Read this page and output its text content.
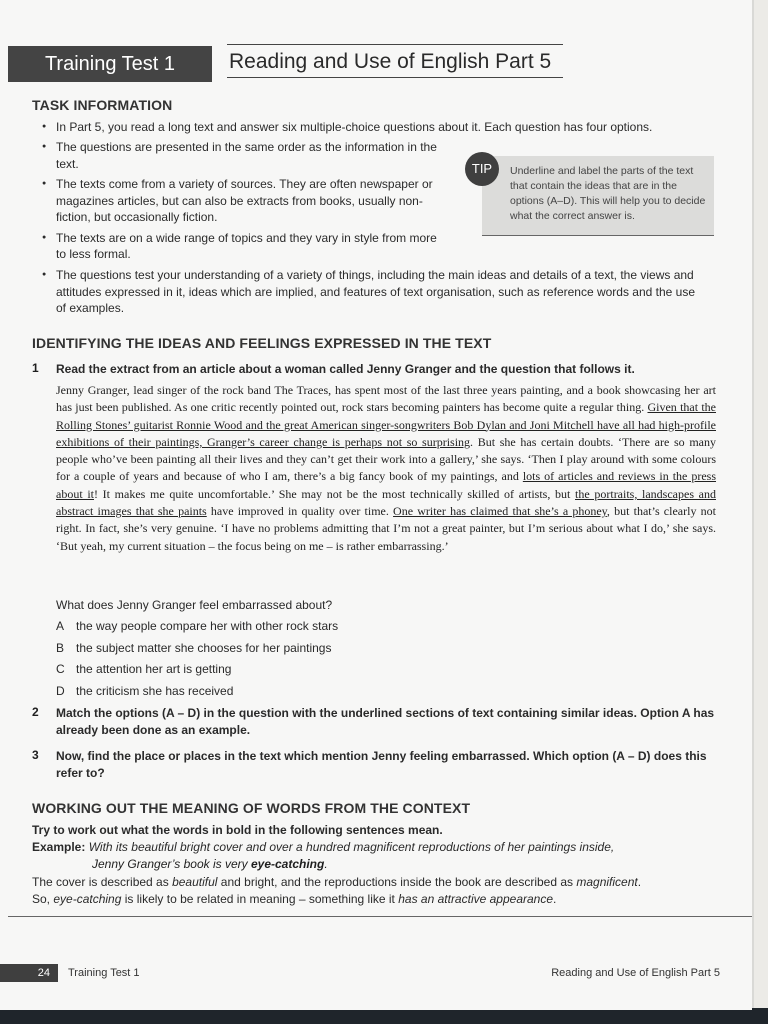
Training Test 1	Reading and Use of English Part 5
TASK INFORMATION
● In Part 5, you read a long text and answer six multiple-choice questions about it. Each question has four options.
● The questions are presented in the same order as the information in the text.
● The texts come from a variety of sources. They are often newspaper or magazines articles, but can also be extracts from books, usually non-fiction, but occasionally fiction.
● The texts are on a wide range of topics and they vary in style from more to less formal.
● The questions test your understanding of a variety of things, including the main ideas and details of a text, the views and attitudes expressed in it, ideas which are implied, and features of text organisation, such as reference words and the use of examples.
Underline and label the parts of the text that contain the ideas that are in the options (A–D). This will help you to decide what the correct answer is.
TIP
IDENTIFYING THE IDEAS AND FEELINGS EXPRESSED IN THE TEXT
1 Read the extract from an article about a woman called Jenny Granger and the question that follows it.

Jenny Granger, lead singer of the rock band The Traces, has spent most of the last three years painting, and a book showcasing her art has just been published. As one critic recently pointed out, rock stars becoming painters has become quite a regular thing. Given that the Rolling Stones’ guitarist Ronnie Wood and the great American singer-songwriters Bob Dylan and Joni Mitchell have all had high-profile exhibitions of their paintings, Granger’s career change is perhaps not so surprising. But she has certain doubts. ‘There are so many people who’ve been painting all their lives and they can’t get their work into a gallery,’ she says. ‘Then I play around with some colours for a couple of years and because of who I am, there’s a big fancy book of my paintings, and lots of articles and reviews in the press about it! It makes me quite uncomfortable.’ She may not be the most technically skilled of artists, but the portraits, landscapes and abstract images that she paints have improved in quality over time. One writer has claimed that she’s a phoney, but that’s clearly not right. In fact, she’s very genuine. ‘I have no problems admitting that I’m not a great painter, but I’m serious about what I do,’ she says. ‘But yeah, my current situation – the focus being on me – is rather embarrassing.’

What does Jenny Granger feel embarrassed about?
A the way people compare her with other rock stars
B the subject matter she chooses for her paintings
C the attention her art is getting
D the criticism she has received
2 Match the options (A – D) in the question with the underlined sections of text containing similar ideas. Option A has already been done as an example.
3 Now, find the place or places in the text which mention Jenny feeling embarrassed. Which option (A – D) does this refer to?
WORKING OUT THE MEANING OF WORDS FROM THE CONTEXT
Try to work out what the words in bold in the following sentences mean.
Example: With its beautiful bright cover and over a hundred magnificent reproductions of her paintings inside,
Jenny Granger’s book is very eye-catching.
The cover is described as beautiful and bright, and the reproductions inside the book are described as magnificent.
So, eye-catching is likely to be related in meaning – something like it has an attractive appearance.
24	Training Test 1	Reading and Use of English Part 5
